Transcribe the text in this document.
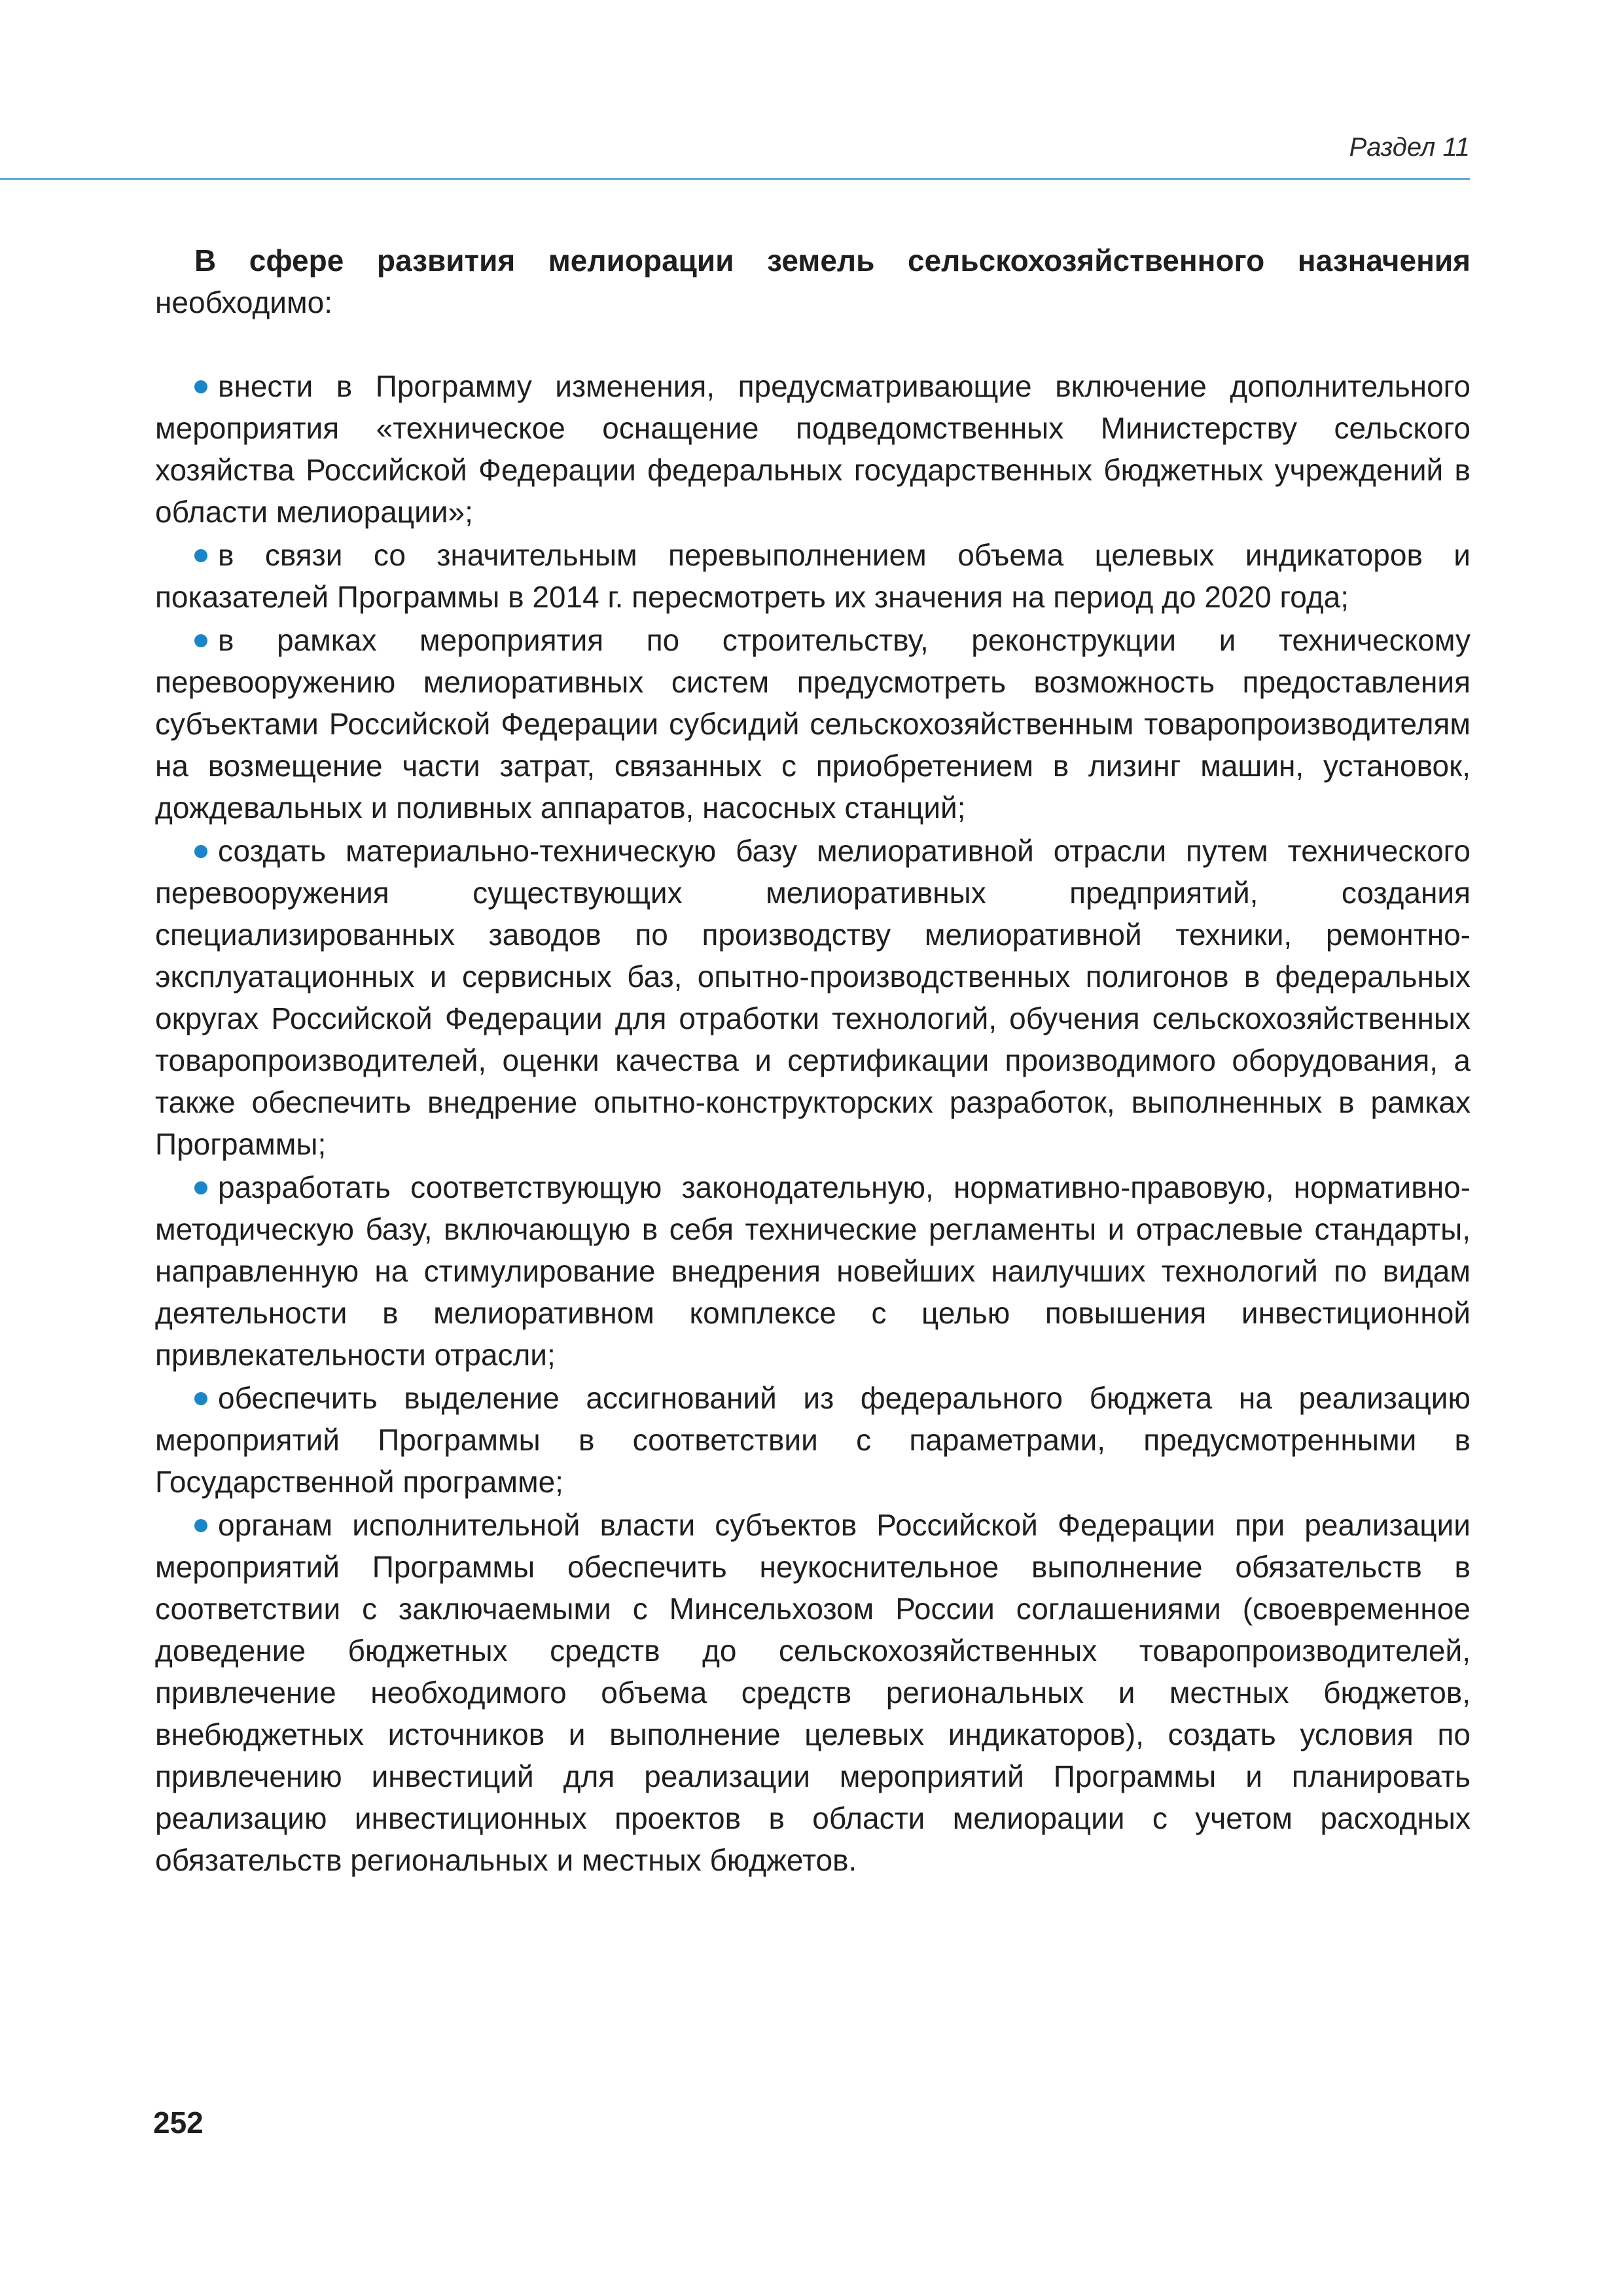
Раздел 11

В сфере развития мелиорации земель сельскохозяйственного назначения необходимо:

внести в Программу изменения, предусматривающие включение дополнительного мероприятия «техническое оснащение подведомственных Министерству сельского хозяйства Российской Федерации федеральных государственных бюджетных учреждений в области мелиорации»;

в связи со значительным перевыполнением объема целевых индикаторов и показателей Программы в 2014 г. пересмотреть их значения на период до 2020 года;

в рамках мероприятия по строительству, реконструкции и техническому перевооружению мелиоративных систем предусмотреть возможность предоставления субъектами Российской Федерации субсидий сельскохозяйственным товаропроизводителям на возмещение части затрат, связанных с приобретением в лизинг машин, установок, дождевальных и поливных аппаратов, насосных станций;

создать материально-техническую базу мелиоративной отрасли путем технического перевооружения существующих мелиоративных предприятий, создания специализированных заводов по производству мелиоративной техники, ремонтно-эксплуатационных и сервисных баз, опытно-производственных полигонов в федеральных округах Российской Федерации для отработки технологий, обучения сельскохозяйственных товаропроизводителей, оценки качества и сертификации производимого оборудования, а также обеспечить внедрение опытно-конструкторских разработок, выполненных в рамках Программы;

разработать соответствующую законодательную, нормативно-правовую, нормативно-методическую базу, включающую в себя технические регламенты и отраслевые стандарты, направленную на стимулирование внедрения новейших наилучших технологий по видам деятельности в мелиоративном комплексе с целью повышения инвестиционной привлекательности отрасли;

обеспечить выделение ассигнований из федерального бюджета на реализацию мероприятий Программы в соответствии с параметрами, предусмотренными в Государственной программе;

органам исполнительной власти субъектов Российской Федерации при реализации мероприятий Программы обеспечить неукоснительное выполнение обязательств в соответствии с заключаемыми с Минсельхозом России соглашениями (своевременное доведение бюджетных средств до сельскохозяйственных товаропроизводителей, привлечение необходимого объема средств региональных и местных бюджетов, внебюджетных источников и выполнение целевых индикаторов), создать условия по привлечению инвестиций для реализации мероприятий Программы и планировать реализацию инвестиционных проектов в области мелиорации с учетом расходных обязательств региональных и местных бюджетов.

252
